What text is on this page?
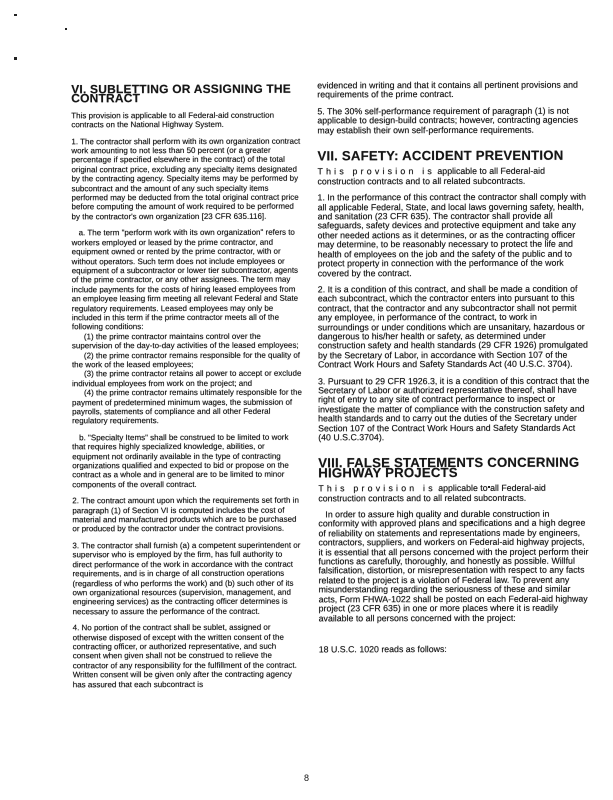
VI. SUBLETTING OR ASSIGNING THE CONTRACT

This provision is applicable to all Federal-aid construction contracts on the National Highway System.

1. The contractor shall perform with its own organization contract work amounting to not less than 50 percent (or a greater percentage if specified elsewhere in the contract) of the total original contract price, excluding any specialty items designated by the contracting agency. Specialty items may be performed by subcontract and the amount of any such specialty items performed may be deducted from the total original contract price before computing the amount of work required to be performed by the contractor's own organization [23 CFR 635.116].

a. The term "perform work with its own organization" refers to workers employed or leased by the prime contractor, and equipment owned or rented by the prime contractor, with or without operators. Such term does not include employees or equipment of a subcontractor or lower tier subcontractor, agents of the prime contractor, or any other assignees. The term may include payments for the costs of hiring leased employees from an employee leasing firm meeting all relevant Federal and State regulatory requirements. Leased employees may only be included in this term if the prime contractor meets all of the following conditions:

(1) the prime contractor maintains control over the supervision of the day-to-day activities of the leased employees;

(2) the prime contractor remains responsible for the quality of the work of the leased employees;

(3) the prime contractor retains all power to accept or exclude individual employees from work on the project; and

(4) the prime contractor remains ultimately responsible for the payment of predetermined minimum wages, the submission of payrolls, statements of compliance and all other Federal regulatory requirements.

b. "Specialty Items" shall be construed to be limited to work that requires highly specialized knowledge, abilities, or equipment not ordinarily available in the type of contracting organizations qualified and expected to bid or propose on the contract as a whole and in general are to be limited to minor components of the overall contract.

2. The contract amount upon which the requirements set forth in paragraph (1) of Section VI is computed includes the cost of material and manufactured products which are to be purchased or produced by the contractor under the contract provisions.

3. The contractor shall furnish (a) a competent superintendent or supervisor who is employed by the firm, has full authority to direct performance of the work in accordance with the contract requirements, and is in charge of all construction operations (regardless of who performs the work) and (b) such other of its own organizational resources (supervision, management, and engineering services) as the contracting officer determines is necessary to assure the performance of the contract.

4. No portion of the contract shall be sublet, assigned or otherwise disposed of except with the written consent of the contracting officer, or authorized representative, and such consent when given shall not be construed to relieve the contractor of any responsibility for the fulfillment of the contract. Written consent will be given only after the contracting agency has assured that each subcontract is

evidenced in writing and that it contains all pertinent provisions and requirements of the prime contract.

5. The 30% self-performance requirement of paragraph (1) is not applicable to design-build contracts; however, contracting agencies may establish their own self-performance requirements.

VII. SAFETY: ACCIDENT PREVENTION

This provision is applicable to all Federal-aid construction contracts and to all related subcontracts.

1. In the performance of this contract the contractor shall comply with all applicable Federal, State, and local laws governing safety, health, and sanitation (23 CFR 635). The contractor shall provide all safeguards, safety devices and protective equipment and take any other needed actions as it determines, or as the contracting officer may determine, to be reasonably necessary to protect the life and health of employees on the job and the safety of the public and to protect property in connection with the performance of the work covered by the contract.

2. It is a condition of this contract, and shall be made a condition of each subcontract, which the contractor enters into pursuant to this contract, that the contractor and any subcontractor shall not permit any employee, in performance of the contract, to work in surroundings or under conditions which are unsanitary, hazardous or dangerous to his/her health or safety, as determined under construction safety and health standards (29 CFR 1926) promulgated by the Secretary of Labor, in accordance with Section 107 of the Contract Work Hours and Safety Standards Act (40 U.S.C. 3704).

3. Pursuant to 29 CFR 1926.3, it is a condition of this contract that the Secretary of Labor or authorized representative thereof, shall have right of entry to any site of contract performance to inspect or investigate the matter of compliance with the construction safety and health standards and to carry out the duties of the Secretary under Section 107 of the Contract Work Hours and Safety Standards Act (40 U.S.C.3704).

VIII. FALSE STATEMENTS CONCERNING HIGHWAY PROJECTS

This provision is applicable to all Federal-aid construction contracts and to all related subcontracts.

In order to assure high quality and durable construction in conformity with approved plans and specifications and a high degree of reliability on statements and representations made by engineers, contractors, suppliers, and workers on Federal-aid highway projects, it is essential that all persons concerned with the project perform their functions as carefully, thoroughly, and honestly as possible. Willful falsification, distortion, or misrepresentation with respect to any facts related to the project is a violation of Federal law. To prevent any misunderstanding regarding the seriousness of these and similar acts, Form FHWA-1022 shall be posted on each Federal-aid highway project (23 CFR 635) in one or more places where it is readily available to all persons concerned with the project:

18 U.S.C. 1020 reads as follows:

8
